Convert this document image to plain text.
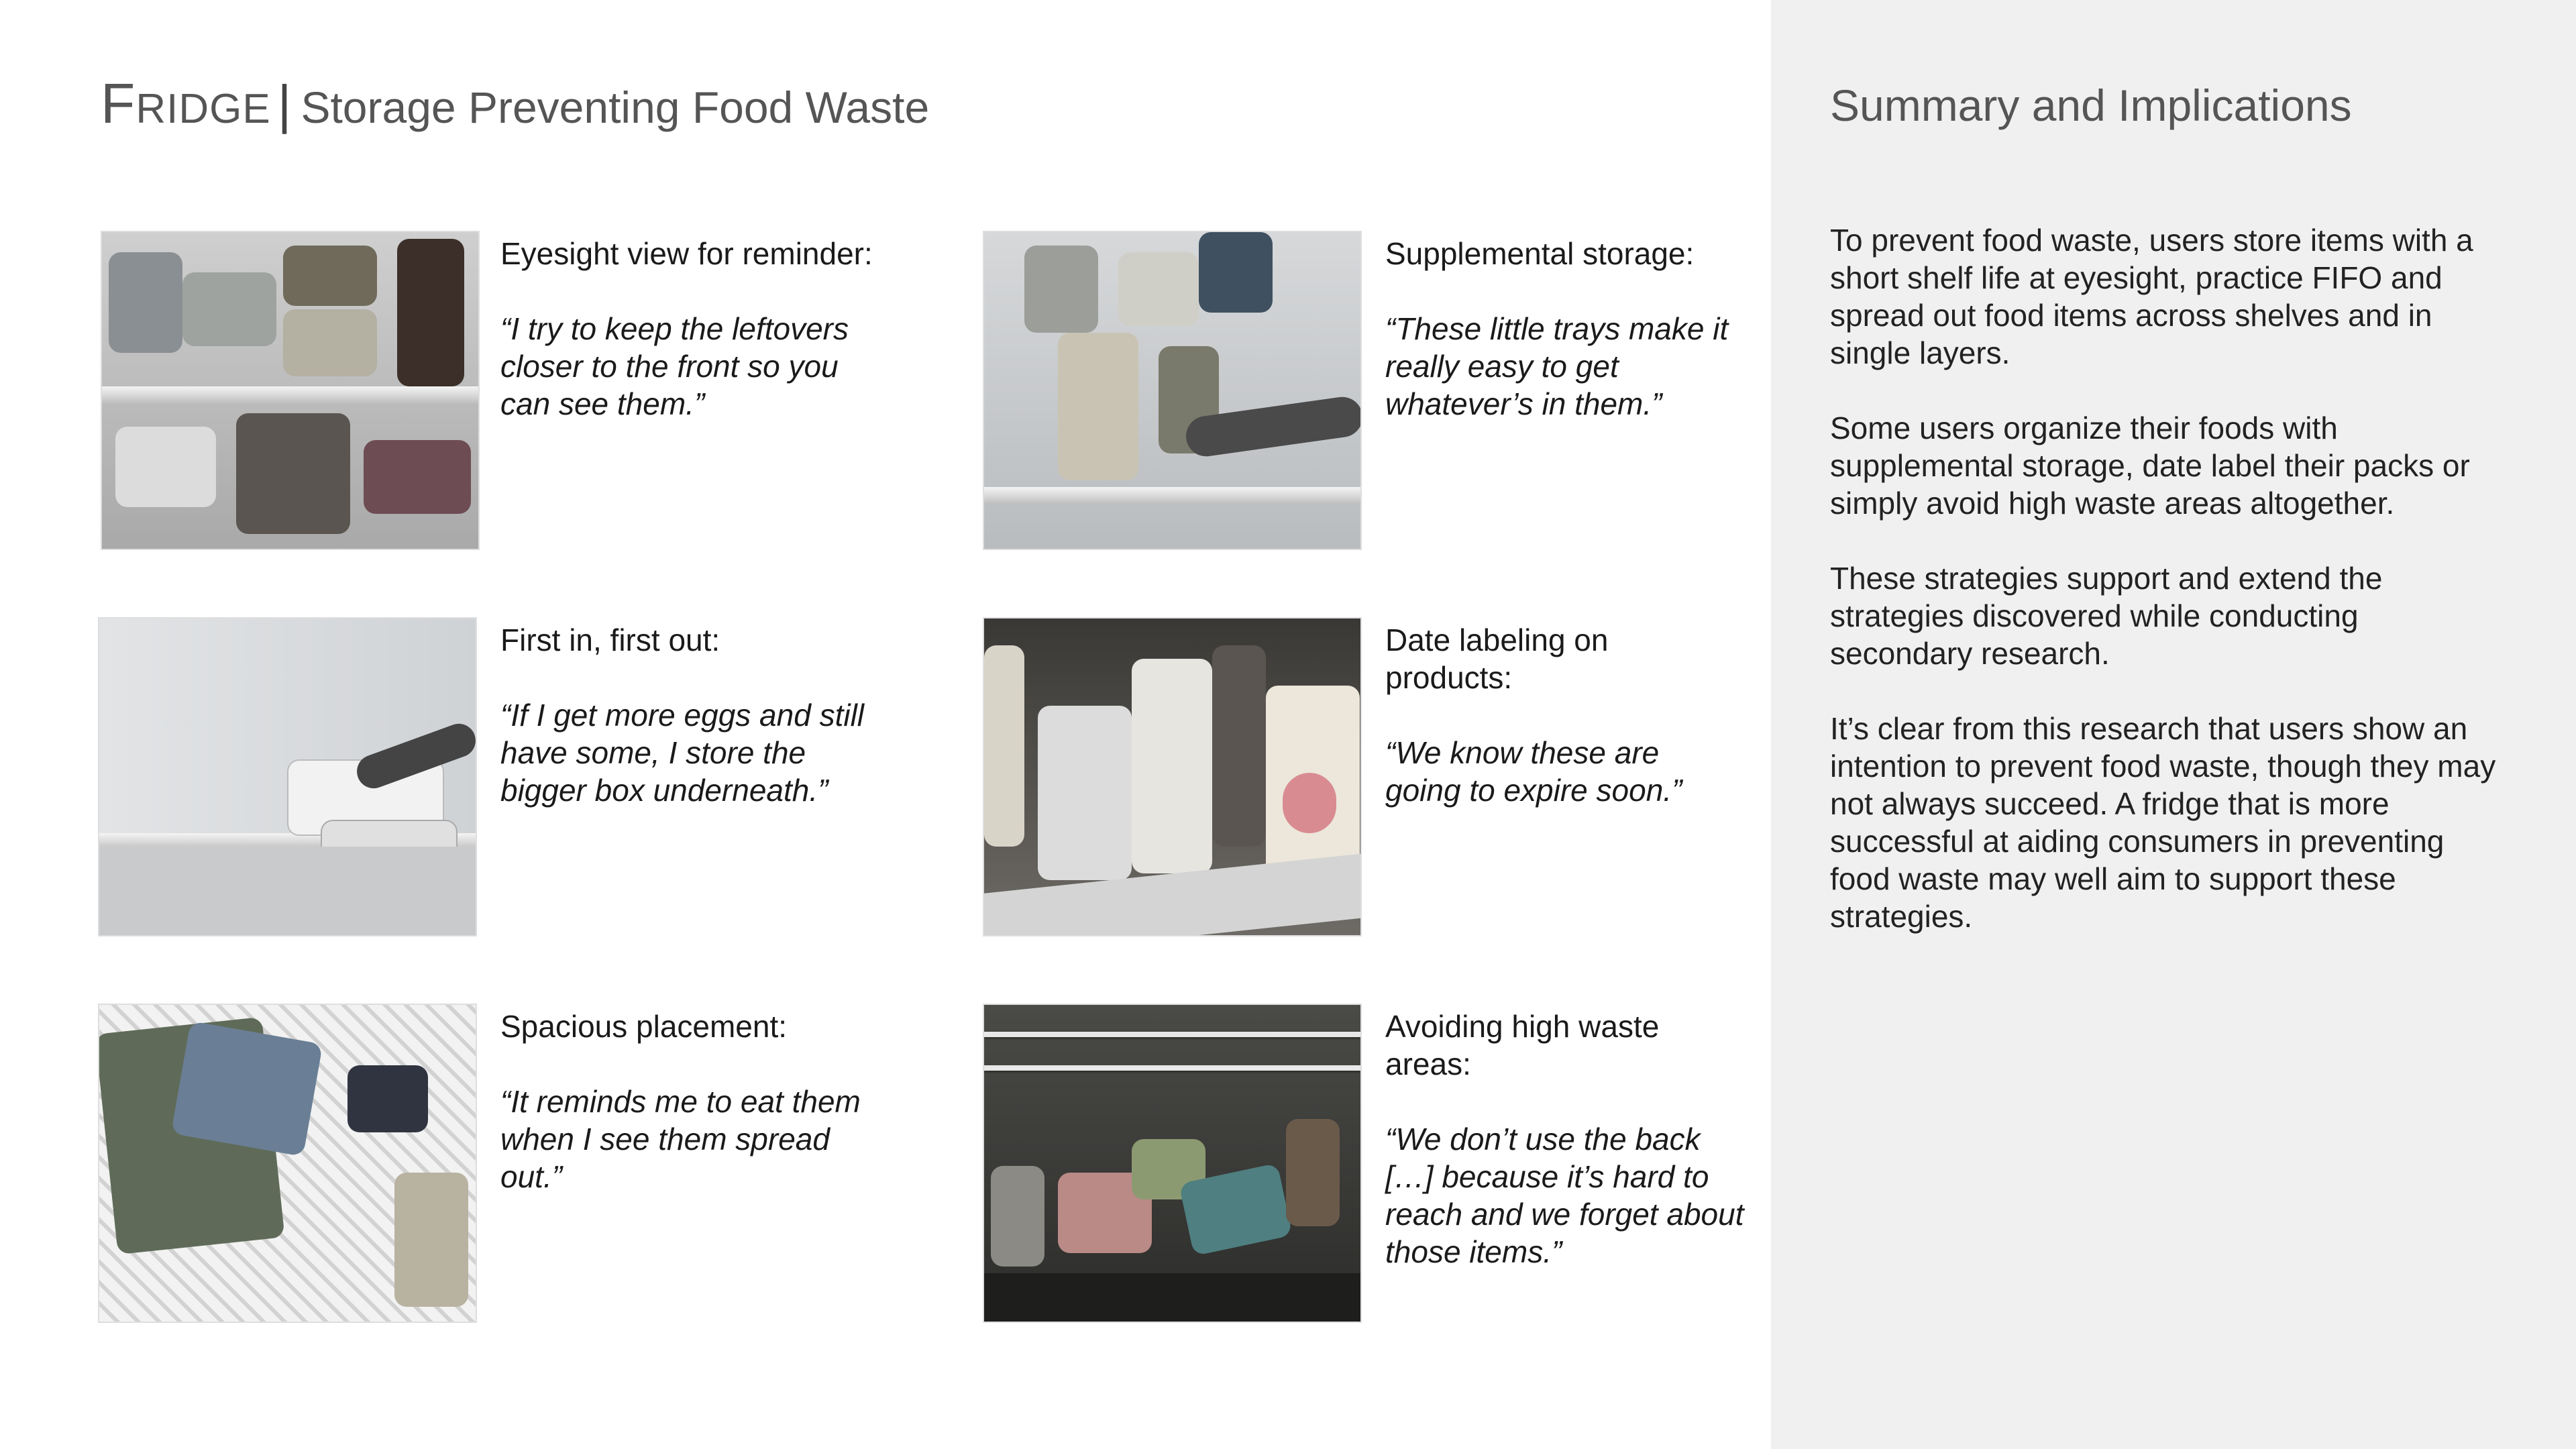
FRIDGE | Storage Preventing Food Waste

Eyesight view for reminder:

“I try to keep the leftovers closer to the front so you can see them.”

Supplemental storage:

“These little trays make it really easy to get whatever’s in them.”

First in, first out:

“If I get more eggs and still have some, I store the bigger box underneath.”

Date labeling on products:

“We know these are going to expire soon.”

Spacious placement:

“It reminds me to eat them when I see them spread out.”

Avoiding high waste areas:

“We don’t use the back […] because it’s hard to reach and we forget about those items.”

Summary and Implications

To prevent food waste, users store items with a short shelf life at eyesight, practice FIFO and spread out food items across shelves and in single layers.

Some users organize their foods with supplemental storage, date label their packs or simply avoid high waste areas altogether.

These strategies support and extend the strategies discovered while conducting secondary research.

It’s clear from this research that users show an intention to prevent food waste, though they may not always succeed. A fridge that is more successful at aiding consumers in preventing food waste may well aim to support these strategies.
